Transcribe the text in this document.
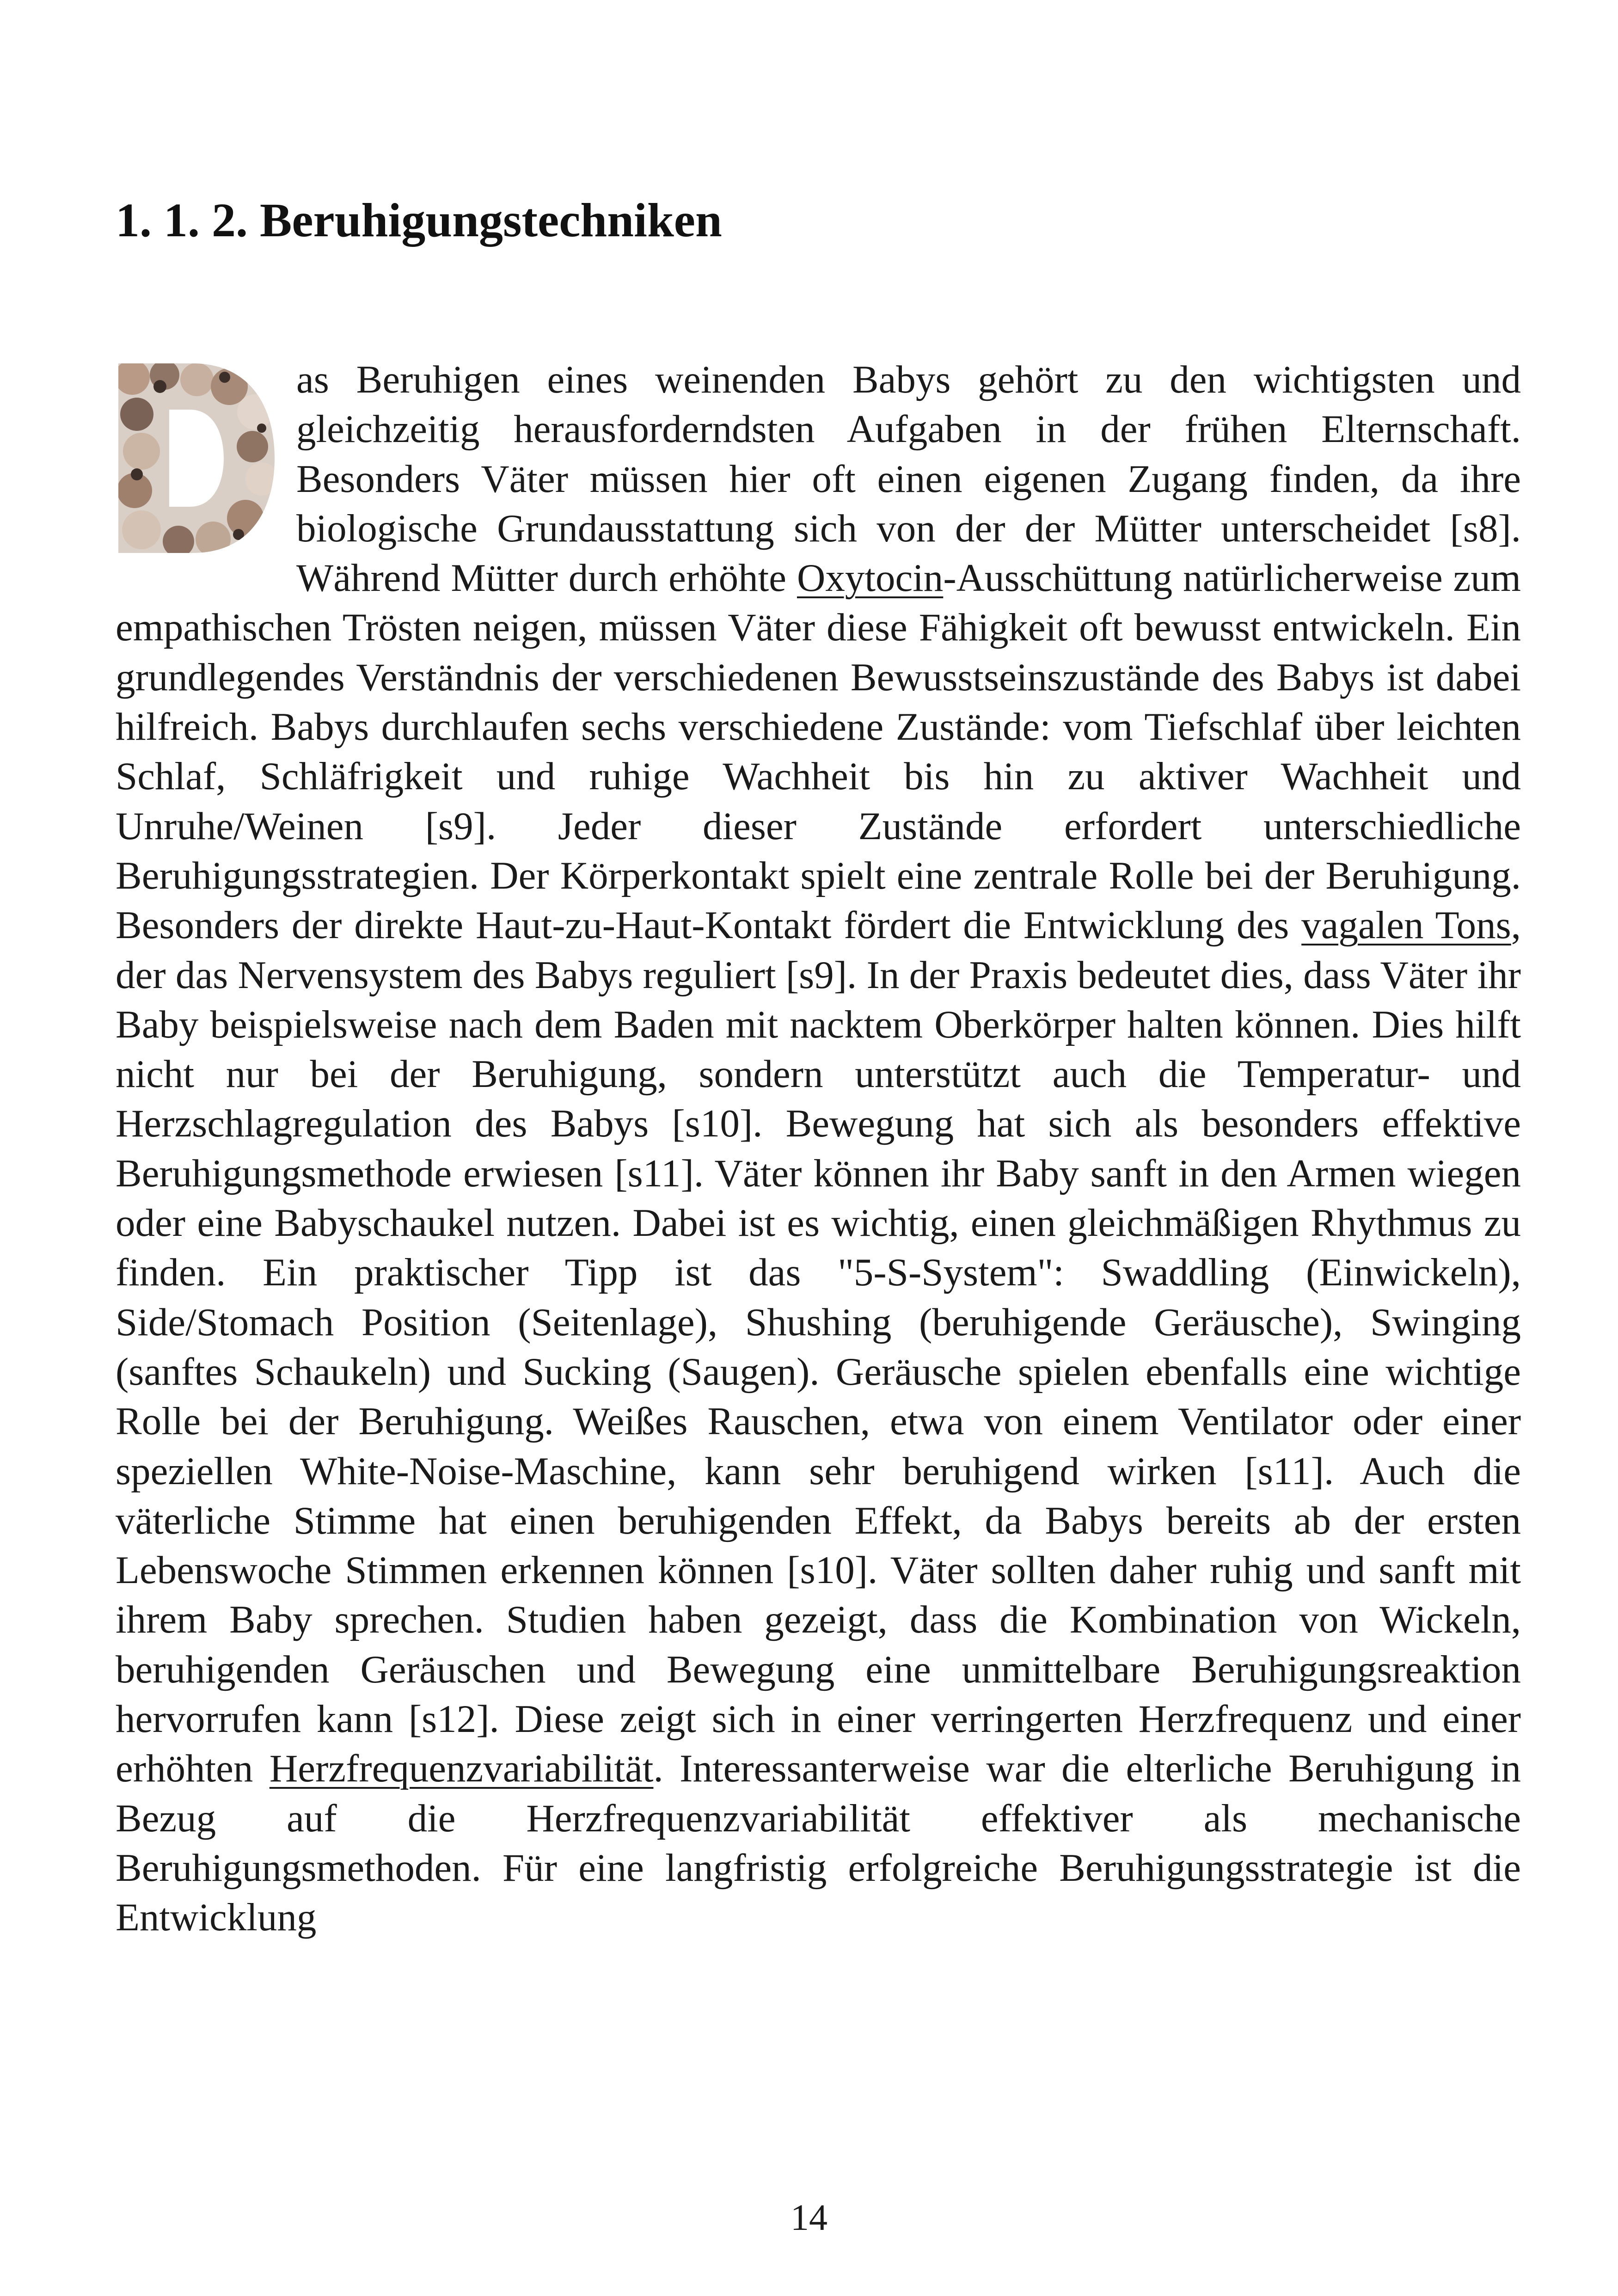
1. 1. 2. Beruhigungstechniken
as Beruhigen eines weinenden Babys gehört zu den wichtigsten und gleichzeitig herausforderndsten Aufgaben in der frühen Elternschaft. Besonders Väter müssen hier oft einen eigenen Zugang finden, da ihre biologische Grundausstattung sich von der der Mütter unterscheidet [s8]. Während Mütter durch erhöhte Oxytocin-Ausschüttung natürlicherweise zum empathischen Trösten neigen, müssen Väter diese Fähigkeit oft bewusst entwickeln. Ein grundlegendes Verständnis der verschiedenen Bewusstseinszustände des Babys ist dabei hilfreich. Babys durchlaufen sechs verschiedene Zustände: vom Tiefschlaf über leichten Schlaf, Schläfrigkeit und ruhige Wachheit bis hin zu aktiver Wachheit und Unruhe/Weinen [s9]. Jeder dieser Zustände erfordert unterschiedliche Beruhigungsstrategien. Der Körperkontakt spielt eine zentrale Rolle bei der Beruhigung. Besonders der direkte Haut-zu-Haut-Kontakt fördert die Entwicklung des vagalen Tons, der das Nervensystem des Babys reguliert [s9]. In der Praxis bedeutet dies, dass Väter ihr Baby beispielsweise nach dem Baden mit nacktem Oberkörper halten können. Dies hilft nicht nur bei der Beruhigung, sondern unterstützt auch die Temperatur- und Herzschlagregulation des Babys [s10]. Bewegung hat sich als besonders effektive Beruhigungsmethode erwiesen [s11]. Väter können ihr Baby sanft in den Armen wiegen oder eine Babyschaukel nutzen. Dabei ist es wichtig, einen gleichmäßigen Rhythmus zu finden. Ein praktischer Tipp ist das "5-S-System": Swaddling (Einwickeln), Side/Stomach Position (Seitenlage), Shushing (beruhigende Geräusche), Swinging (sanftes Schaukeln) und Sucking (Saugen). Geräusche spielen ebenfalls eine wichtige Rolle bei der Beruhigung. Weißes Rauschen, etwa von einem Ventilator oder einer speziellen White-Noise-Maschine, kann sehr beruhigend wirken [s11]. Auch die väterliche Stimme hat einen beruhigenden Effekt, da Babys bereits ab der ersten Lebenswoche Stimmen erkennen können [s10]. Väter sollten daher ruhig und sanft mit ihrem Baby sprechen. Studien haben gezeigt, dass die Kombination von Wickeln, beruhigenden Geräuschen und Bewegung eine unmittelbare Beruhigungsreaktion hervorrufen kann [s12]. Diese zeigt sich in einer verringerten Herzfrequenz und einer erhöhten Herzfrequenzvariabilität. Interessanterweise war die elterliche Beruhigung in Bezug auf die Herzfrequenzvariabilität effektiver als mechanische Beruhigungsmethoden. Für eine langfristig erfolgreiche Beruhigungsstrategie ist die Entwicklung
14
